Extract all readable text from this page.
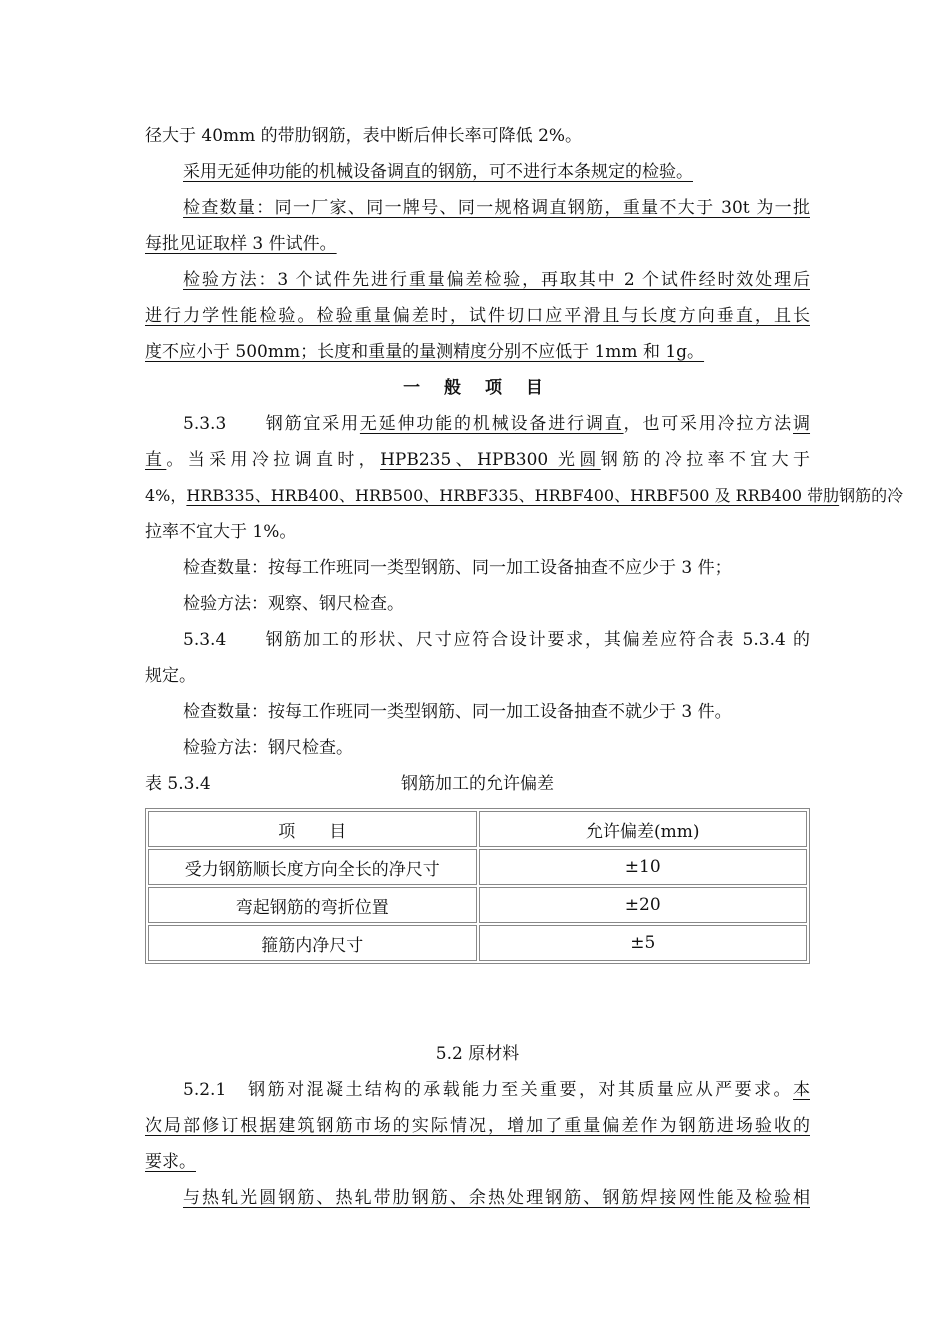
径大于 40mm 的带肋钢筋，表中断后伸长率可降低 2%。
采用无延伸功能的机械设备调直的钢筋，可不进行本条规定的检验。
检查数量：同一厂家、同一牌号、同一规格调直钢筋，重量不大于 30t 为一批
每批见证取样 3 件试件。
检验方法：3 个试件先进行重量偏差检验，再取其中 2 个试件经时效处理后
进行力学性能检验。检验重量偏差时，试件切口应平滑且与长度方向垂直，且长
度不应小于 500mm；长度和重量的量测精度分别不应低于 1mm 和 1g。
一 般 项 目
5.3.3　　钢筋宜采用无延伸功能的机械设备进行调直，也可采用冷拉方法调
直。当采用冷拉调直时，HPB235、HPB300 光圆钢筋的冷拉率不宜大于
4%，HRB335、HRB400、HRB500、HRBF335、HRBF400、HRBF500 及 RRB400 带肋钢筋的冷
拉率不宜大于 1%。
检查数量：按每工作班同一类型钢筋、同一加工设备抽查不应少于 3 件；
检验方法：观察、钢尺检查。
5.3.4　　钢筋加工的形状、尺寸应符合设计要求，其偏差应符合表 5.3.4 的
规定。
检查数量：按每工作班同一类型钢筋、同一加工设备抽查不就少于 3 件。
检验方法：钢尺检查。
表 5.3.4	钢筋加工的允许偏差
项　　目	允许偏差(mm)
受力钢筋顺长度方向全长的净尺寸	±10
弯起钢筋的弯折位置	±20
箍筋内净尺寸	±5
5.2 原材料
5.2.1　钢筋对混凝土结构的承载能力至关重要，对其质量应从严要求。本
次局部修订根据建筑钢筋市场的实际情况，增加了重量偏差作为钢筋进场验收的
要求。
与热轧光圆钢筋、热轧带肋钢筋、余热处理钢筋、钢筋焊接网性能及检验相
